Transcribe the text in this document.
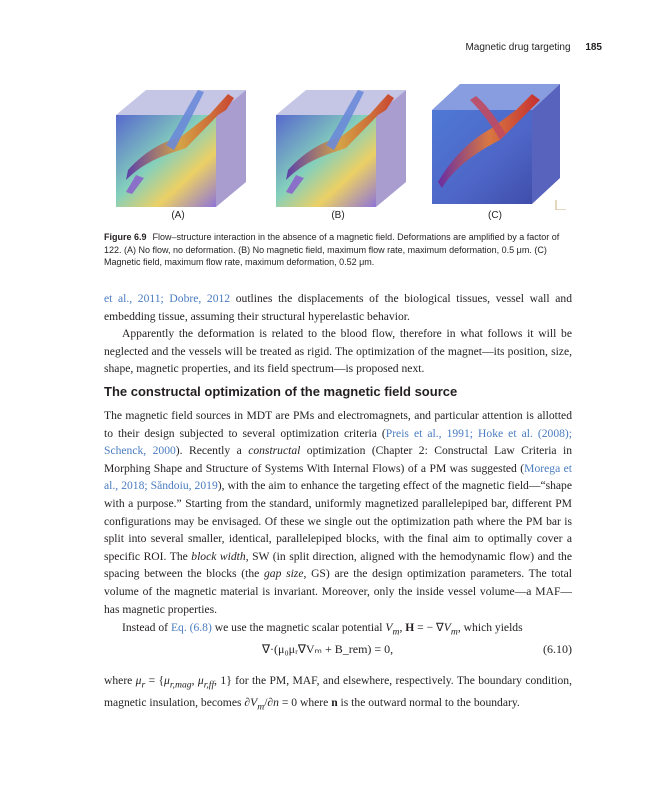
Magnetic drug targeting 185
(A)	(B)	(C)
Figure 6.9 Flow–structure interaction in the absence of a magnetic field. Deformations are amplified by a factor of 122. (A) No flow, no deformation. (B) No magnetic field, maximum flow rate, maximum deformation, 0.5 μm. (C) Magnetic field, maximum flow rate, maximum deformation, 0.52 μm.

et al., 2011; Dobre, 2012 outlines the displacements of the biological tissues, vessel wall and embedding tissue, assuming their structural hyperelastic behavior.

Apparently the deformation is related to the blood flow, therefore in what follows it will be neglected and the vessels will be treated as rigid. The optimization of the magnet—its position, size, shape, magnetic properties, and its field spectrum—is proposed next.

The constructal optimization of the magnetic field source

The magnetic field sources in MDT are PMs and electromagnets, and particular attention is allotted to their design subjected to several optimization criteria (Preis et al., 1991; Hoke et al. (2008); Schenck, 2000). Recently a constructal optimization (Chapter 2: Constructal Law Criteria in Morphing Shape and Structure of Systems With Internal Flows) of a PM was suggested (Morega et al., 2018; Săndoiu, 2019), with the aim to enhance the targeting effect of the magnetic field—“shape with a purpose.” Starting from the standard, uniformly magnetized parallelepiped bar, different PM configurations may be envisaged. Of these we single out the optimization path where the PM bar is split into several smaller, identical, parallelepiped blocks, with the final aim to optimally cover a specific ROI. The block width, SW (in split direction, aligned with the hemodynamic flow) and the spacing between the blocks (the gap size, GS) are the design optimization parameters. The total volume of the magnetic material is invariant. Moreover, only the inside vessel volume—a MAF—has magnetic properties.

Instead of Eq. (6.8) we use the magnetic scalar potential $V_m$, H = − $\nabla V_m$, which yields

∇·(μ₀μᵣ∇Vₘ + B_rem) = 0,	(6.10)

where $\mu_r = \{\mu_{r,mag}$, $\mu_{r,ff}$, 1} for the PM, MAF, and elsewhere, respectively. The boundary condition, magnetic insulation, becomes $\partial V_m/\partial n = 0$ where n is the outward normal to the boundary.
